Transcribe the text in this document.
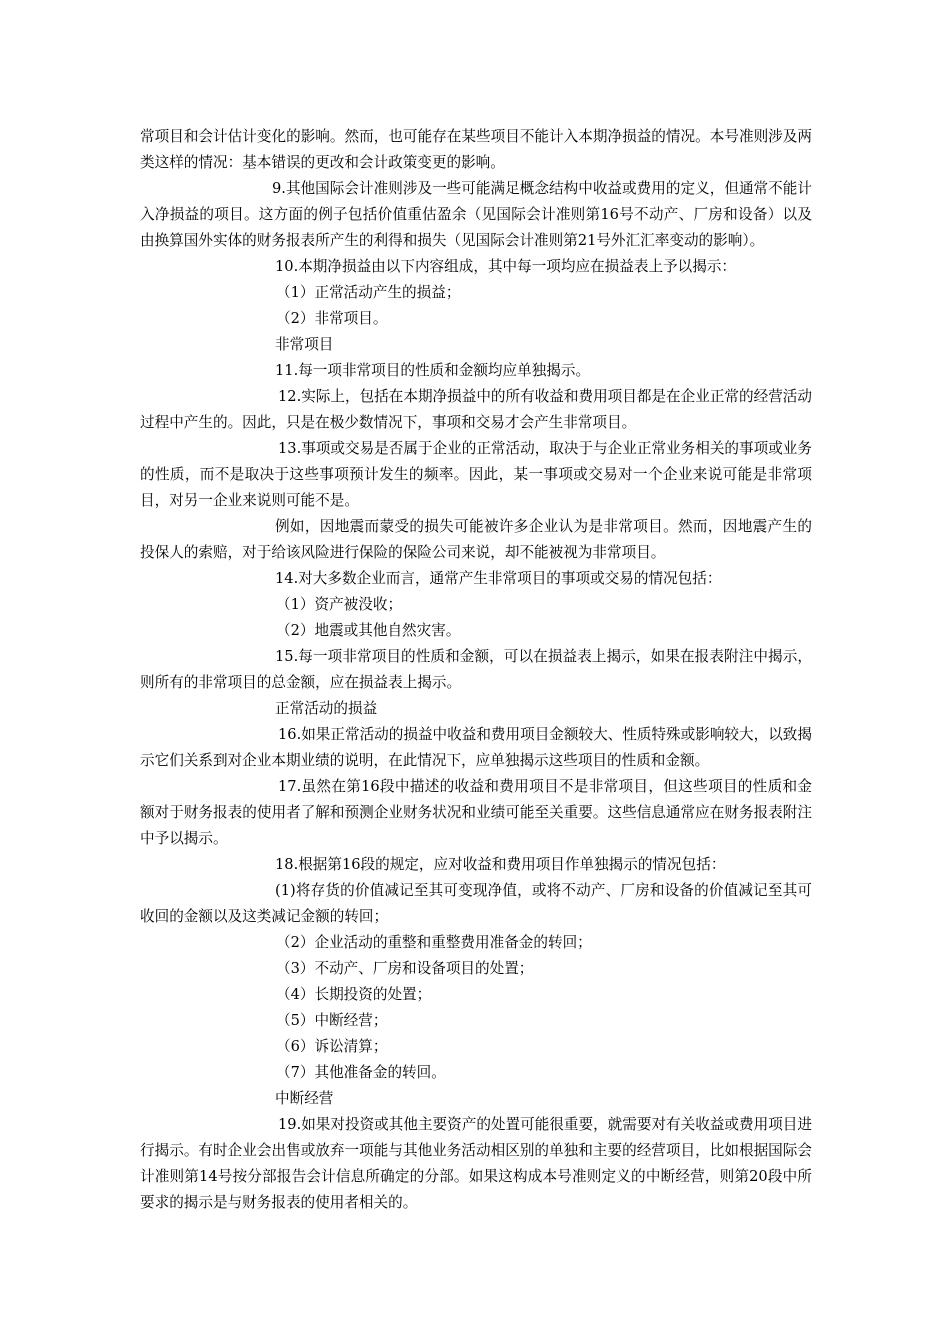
常项目和会计估计变化的影响。然而，也可能存在某些项目不能计入本期净损益的情况。本号准则涉及两类这样的情况：基本错误的更改和会计政策变更的影响。

9.其他国际会计准则涉及一些可能满足概念结构中收益或费用的定义，但通常不能计入净损益的项目。这方面的例子包括价值重估盈余（见国际会计准则第16号不动产、厂房和设备）以及由换算国外实体的财务报表所产生的利得和损失（见国际会计准则第21号外汇汇率变动的影响）。

10.本期净损益由以下内容组成，其中每一项均应在损益表上予以揭示：

（1）正常活动产生的损益；

（2）非常项目。

非常项目

11.每一项非常项目的性质和金额均应单独揭示。

12.实际上，包括在本期净损益中的所有收益和费用项目都是在企业正常的经营活动过程中产生的。因此，只是在极少数情况下，事项和交易才会产生非常项目。

13.事项或交易是否属于企业的正常活动，取决于与企业正常业务相关的事项或业务的性质，而不是取决于这些事项预计发生的频率。因此，某一事项或交易对一个企业来说可能是非常项目，对另一企业来说则可能不是。

例如，因地震而蒙受的损失可能被许多企业认为是非常项目。然而，因地震产生的投保人的索赔，对于给该风险进行保险的保险公司来说，却不能被视为非常项目。

14.对大多数企业而言，通常产生非常项目的事项或交易的情况包括：

（1）资产被没收；

（2）地震或其他自然灾害。

15.每一项非常项目的性质和金额，可以在损益表上揭示，如果在报表附注中揭示，则所有的非常项目的总金额，应在损益表上揭示。

正常活动的损益

16.如果正常活动的损益中收益和费用项目金额较大、性质特殊或影响较大，以致揭示它们关系到对企业本期业绩的说明，在此情况下，应单独揭示这些项目的性质和金额。

17.虽然在第16段中描述的收益和费用项目不是非常项目，但这些项目的性质和金额对于财务报表的使用者了解和预测企业财务状况和业绩可能至关重要。这些信息通常应在财务报表附注中予以揭示。

18.根据第16段的规定，应对收益和费用项目作单独揭示的情况包括：

(1)将存货的价值减记至其可变现净值，或将不动产、厂房和设备的价值减记至其可收回的金额以及这类减记金额的转回；

（2）企业活动的重整和重整费用准备金的转回；

（3）不动产、厂房和设备项目的处置；

（4）长期投资的处置；

（5）中断经营；

（6）诉讼清算；

（7）其他准备金的转回。

中断经营

19.如果对投资或其他主要资产的处置可能很重要，就需要对有关收益或费用项目进行揭示。有时企业会出售或放弃一项能与其他业务活动相区别的单独和主要的经营项目，比如根据国际会计准则第14号按分部报告会计信息所确定的分部。如果这构成本号准则定义的中断经营，则第20段中所要求的揭示是与财务报表的使用者相关的。
